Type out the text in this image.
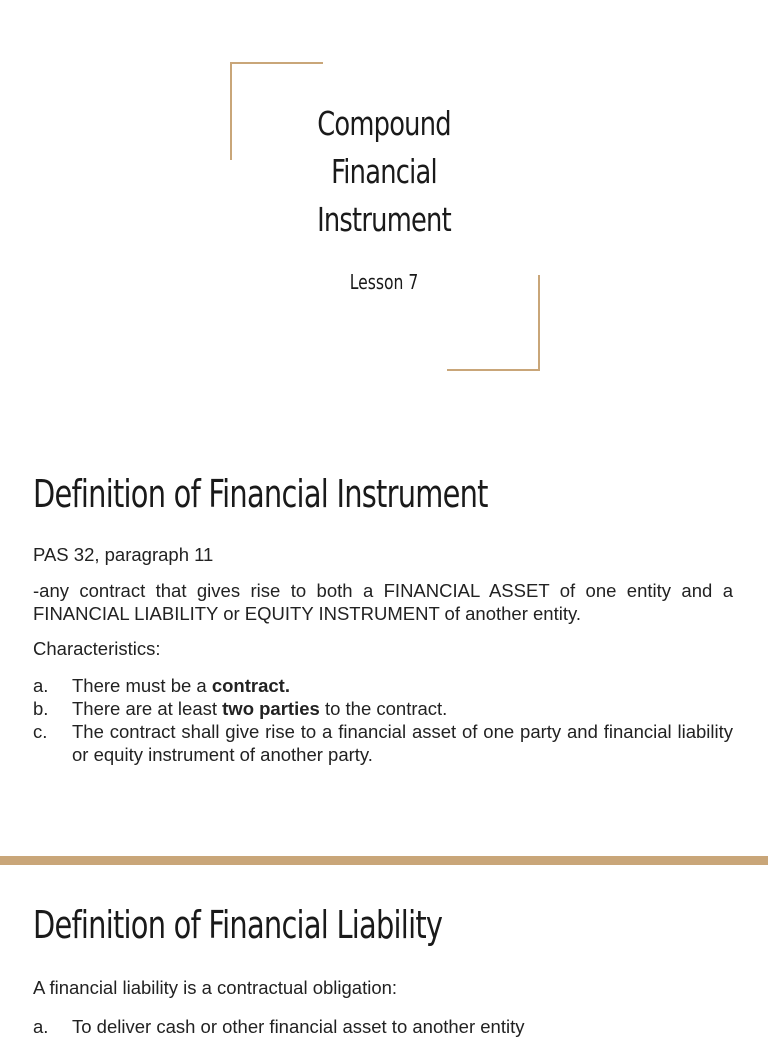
Compound
Financial
Instrument

Lesson 7

Definition of Financial Instrument

PAS 32, paragraph 11

-any contract that gives rise to both a FINANCIAL ASSET of one entity and a FINANCIAL LIABILITY or EQUITY INSTRUMENT of another entity.

Characteristics:

a. There must be a contract.
b. There are at least two parties to the contract.
c. The contract shall give rise to a financial asset of one party and financial liability or equity instrument of another party.
Definition of Financial Liability

A financial liability is a contractual obligation:

a. To deliver cash or other financial asset to another entity
